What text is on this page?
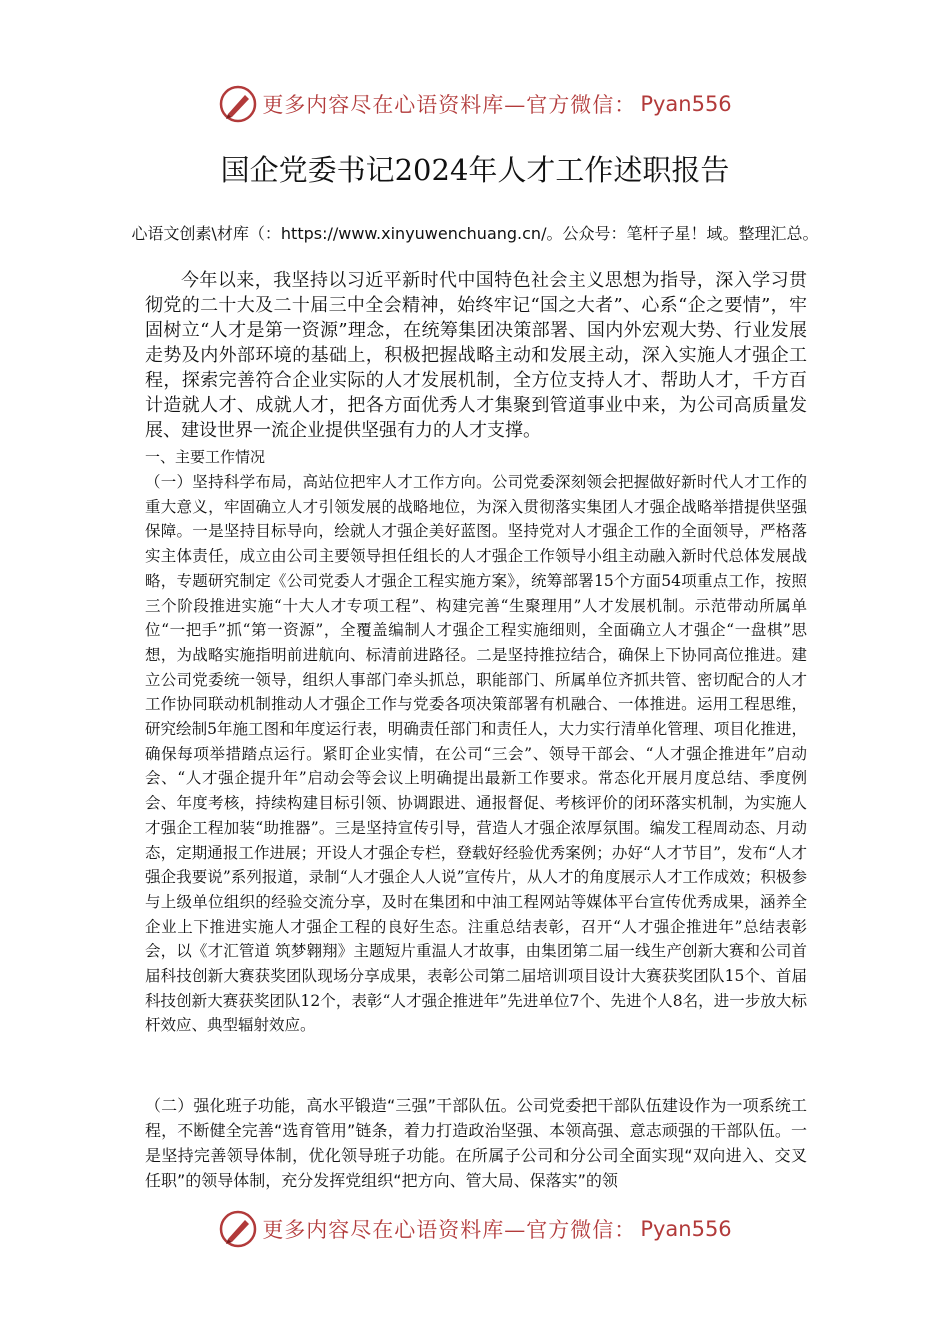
更多内容尽在心语资料库—官方微信： Pyan556
国企党委书记2024年人才工作述职报告
心语文创素\材库（：https://www.xinyuwenchuang.cn/。公众号：笔杆子星！域。整理汇总。

今年以来，我坚持以习近平新时代中国特色社会主义思想为指导，深入学习贯彻党的二十大及二十届三中全会精神，始终牢记“国之大者”、心系“企之要情”，牢固树立“人才是第一资源”理念，在统筹集团决策部署、国内外宏观大势、行业发展走势及内外部环境的基础上，积极把握战略主动和发展主动，深入实施人才强企工程，探索完善符合企业实际的人才发展机制，全方位支持人才、帮助人才，千方百计造就人才、成就人才，把各方面优秀人才集聚到管道事业中来，为公司高质量发展、建设世界一流企业提供坚强有力的人才支撑。

一、主要工作情况

（一）坚持科学布局，高站位把牢人才工作方向。公司党委深刻领会把握做好新时代人才工作的重大意义，牢固确立人才引领发展的战略地位，为深入贯彻落实集团人才强企战略举措提供坚强保障。一是坚持目标导向，绘就人才强企美好蓝图。坚持党对人才强企工作的全面领导，严格落实主体责任，成立由公司主要领导担任组长的人才强企工作领导小组主动融入新时代总体发展战略，专题研究制定《公司党委人才强企工程实施方案》，统筹部署15个方面54项重点工作，按照三个阶段推进实施“十大人才专项工程”、构建完善“生聚理用”人才发展机制。示范带动所属单位“一把手”抓“第一资源”，全覆盖编制人才强企工程实施细则，全面确立人才强企“一盘棋”思想，为战略实施指明前进航向、标清前进路径。二是坚持推拉结合，确保上下协同高位推进。建立公司党委统一领导，组织人事部门牵头抓总，职能部门、所属单位齐抓共管、密切配合的人才工作协同联动机制推动人才强企工作与党委各项决策部署有机融合、一体推进。运用工程思维，研究绘制5年施工图和年度运行表，明确责任部门和责任人，大力实行清单化管理、项目化推进，确保每项举措踏点运行。紧盯企业实情，在公司“三会”、领导干部会、“人才强企推进年”启动会、“人才强企提升年”启动会等会议上明确提出最新工作要求。常态化开展月度总结、季度例会、年度考核，持续构建目标引领、协调跟进、通报督促、考核评价的闭环落实机制，为实施人才强企工程加装“助推器”。三是坚持宣传引导，营造人才强企浓厚氛围。编发工程周动态、月动态，定期通报工作进展；开设人才强企专栏，登载好经验优秀案例；办好“人才节目”，发布“人才强企我要说”系列报道，录制“人才强企人人说”宣传片，从人才的角度展示人才工作成效；积极参与上级单位组织的经验交流分享，及时在集团和中油工程网站等媒体平台宣传优秀成果，涵养全企业上下推进实施人才强企工程的良好生态。注重总结表彰，召开“人才强企推进年”总结表彰会，以《才汇管道 筑梦翱翔》主题短片重温人才故事，由集团第二届一线生产创新大赛和公司首届科技创新大赛获奖团队现场分享成果，表彰公司第二届培训项目设计大赛获奖团队15个、首届科技创新大赛获奖团队12个，表彰“人才强企推进年”先进单位7个、先进个人8名，进一步放大标杆效应、典型辐射效应。

（二）强化班子功能，高水平锻造“三强”干部队伍。公司党委把干部队伍建设作为一项系统工程，不断健全完善“选育管用”链条，着力打造政治坚强、本领高强、意志顽强的干部队伍。一是坚持完善领导体制，优化领导班子功能。在所属子公司和分公司全面实现“双向进入、交叉任职”的领导体制，充分发挥党组织“把方向、管大局、保落实”的领

更多内容尽在心语资料库—官方微信： Pyan556
